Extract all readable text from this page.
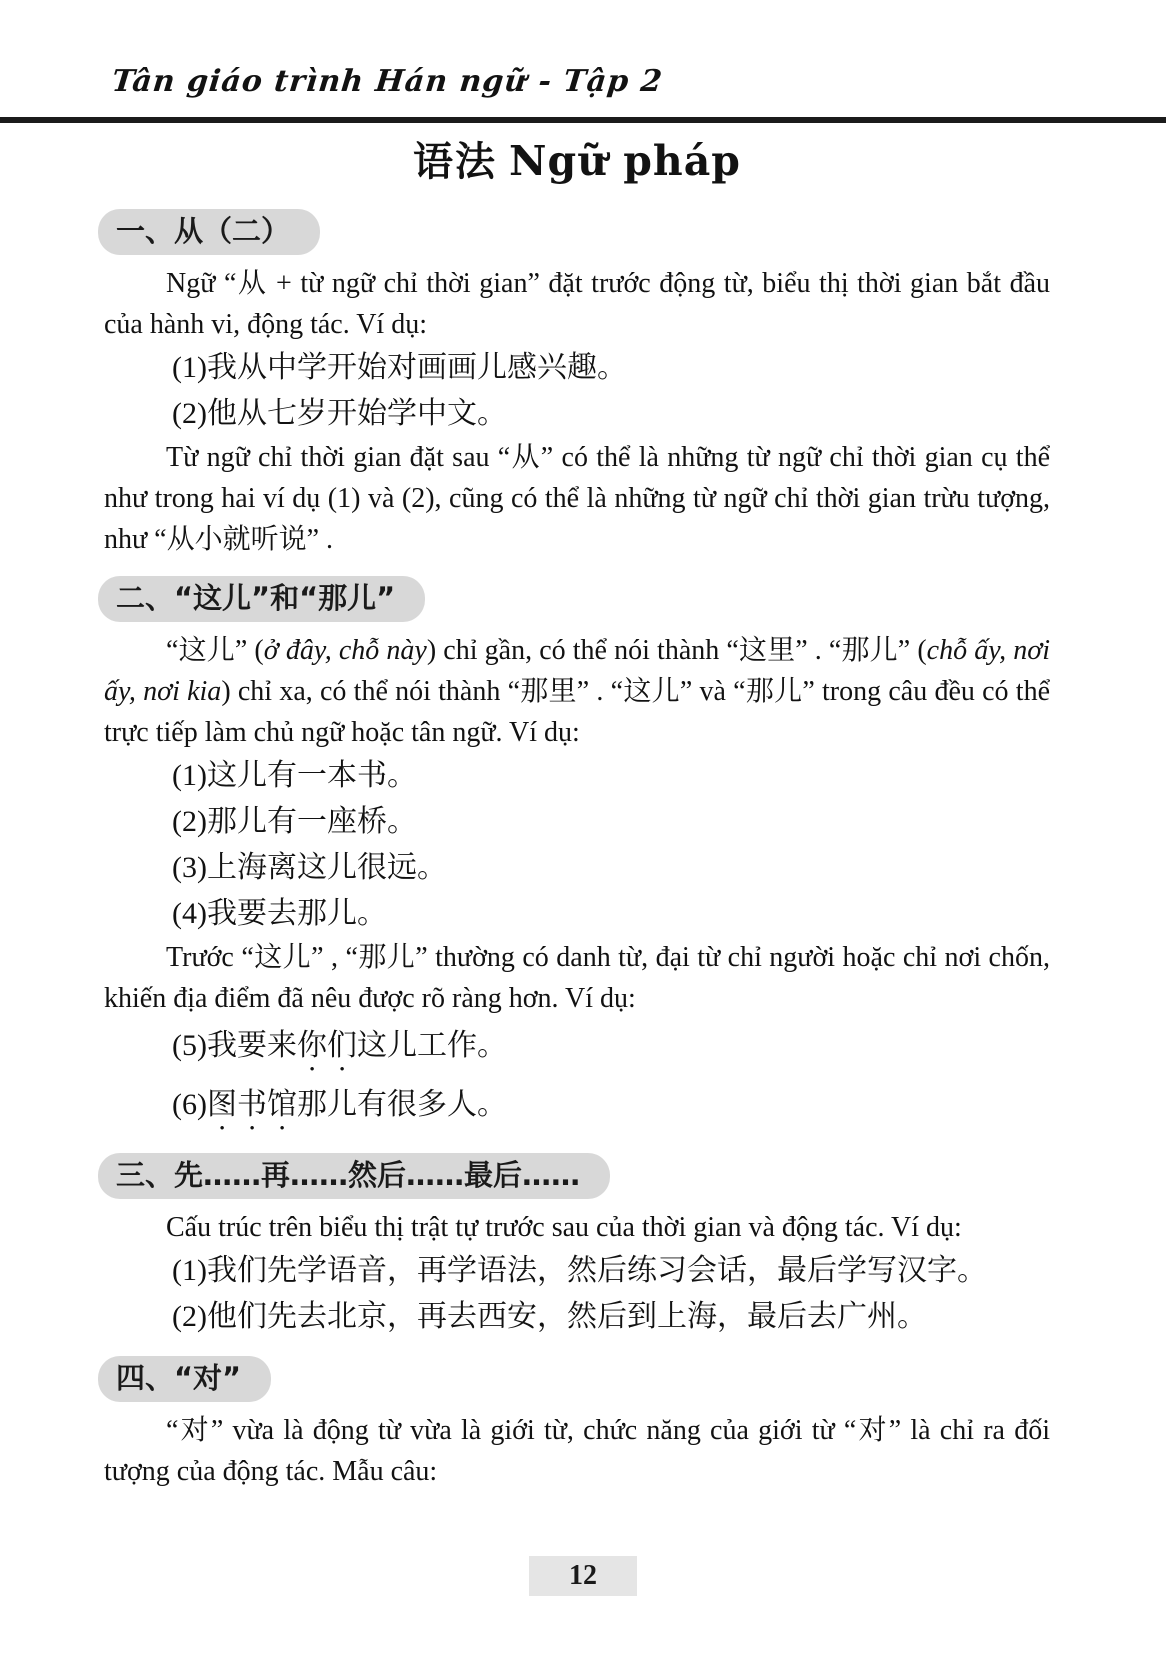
Tân giáo trình Hán ngữ - Tập 2
语法 Ngữ pháp
一、从（二）

Ngữ “从 + từ ngữ chỉ thời gian” đặt trước động từ, biểu thị thời gian bắt đầu của hành vi, động tác. Ví dụ:

(1)我从中学开始对画画儿感兴趣。

(2)他从七岁开始学中文。

Từ ngữ chỉ thời gian đặt sau “从” có thể là những từ ngữ chỉ thời gian cụ thể như trong hai ví dụ (1) và (2), cũng có thể là những từ ngữ chỉ thời gian trừu tượng, như “从小就听说” .

二、“这儿”和“那儿”

“这儿” (ở đây, chỗ này) chỉ gần, có thể nói thành “这里” . “那儿” (chỗ ấy, nơi ấy, nơi kia) chỉ xa, có thể nói thành “那里” . “这儿” và “那儿” trong câu đều có thể trực tiếp làm chủ ngữ hoặc tân ngữ. Ví dụ:

(1)这儿有一本书。

(2)那儿有一座桥。

(3)上海离这儿很远。

(4)我要去那儿。

Trước “这儿” , “那儿” thường có danh từ, đại từ chỉ người hoặc chỉ nơi chốn, khiến địa điểm đã nêu được rõ ràng hơn. Ví dụ:

(5)我要来你们这儿工作。

(6)图书馆那儿有很多人。

三、先……再……然后……最后……

Cấu trúc trên biểu thị trật tự trước sau của thời gian và động tác. Ví dụ:

(1)我们先学语音，再学语法，然后练习会话，最后学写汉字。

(2)他们先去北京，再去西安，然后到上海，最后去广州。

四、“对”

“对” vừa là động từ vừa là giới từ, chức năng của giới từ “对” là chỉ ra đối tượng của động tác. Mẫu câu:

12
